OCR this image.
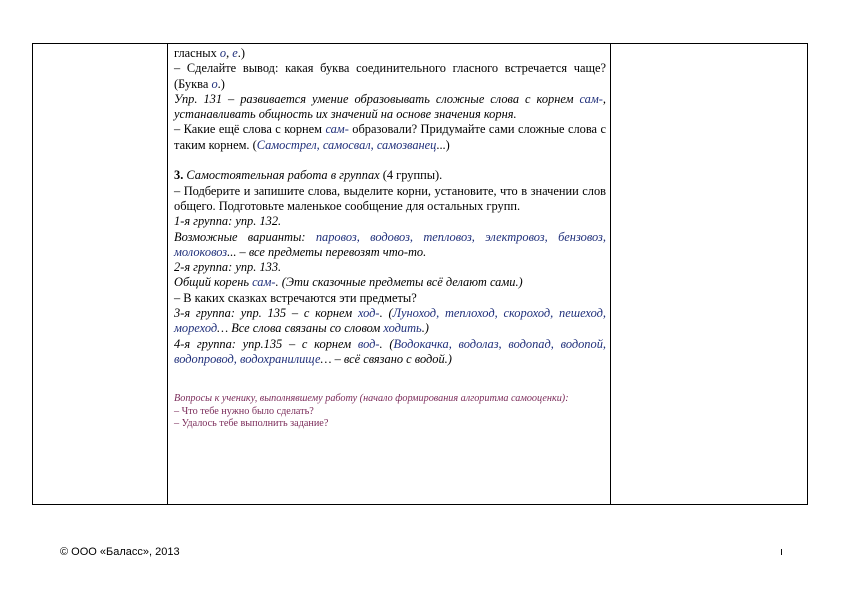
гласных о, е.)

– Сделайте вывод: какая буква соединительного гласного встречается чаще? (Буква о.)

Упр. 131 – развивается умение образовывать сложные слова с корнем сам-, устанавливать общность их значений на основе значения корня.

– Какие ещё слова с корнем сам- образовали? Придумайте сами сложные слова с таким корнем. (Самострел, самосвал, самозванец...)

3. Самостоятельная работа в группах (4 группы).

– Подберите и запишите слова, выделите корни, установите, что в значении слов общего. Подготовьте маленькое сообщение для остальных групп.

1-я группа: упр. 132.

Возможные варианты: паровоз, водовоз, тепловоз, электровоз, бензовоз, молоковоз... – все предметы перевозят что-то.

2-я группа: упр. 133.

Общий корень сам-. (Эти сказочные предметы всё делают сами.)

– В каких сказках встречаются эти предметы?

3-я группа: упр. 135 – с корнем ход-. (Луноход, теплоход, скороход, пешеход, мореход… Все слова связаны со словом ходить.)

4-я группа: упр.135 – с корнем вод-. (Водокачка, водолаз, водопад, водопой, водопровод, водохранилище… – всё связано с водой.)

Вопросы к ученику, выполнявшему работу (начало формирования алгоритма самооценки):

– Что тебе нужно было сделать?

– Удалось тебе выполнить задание?

© ООО «Баласс», 2013	ı
